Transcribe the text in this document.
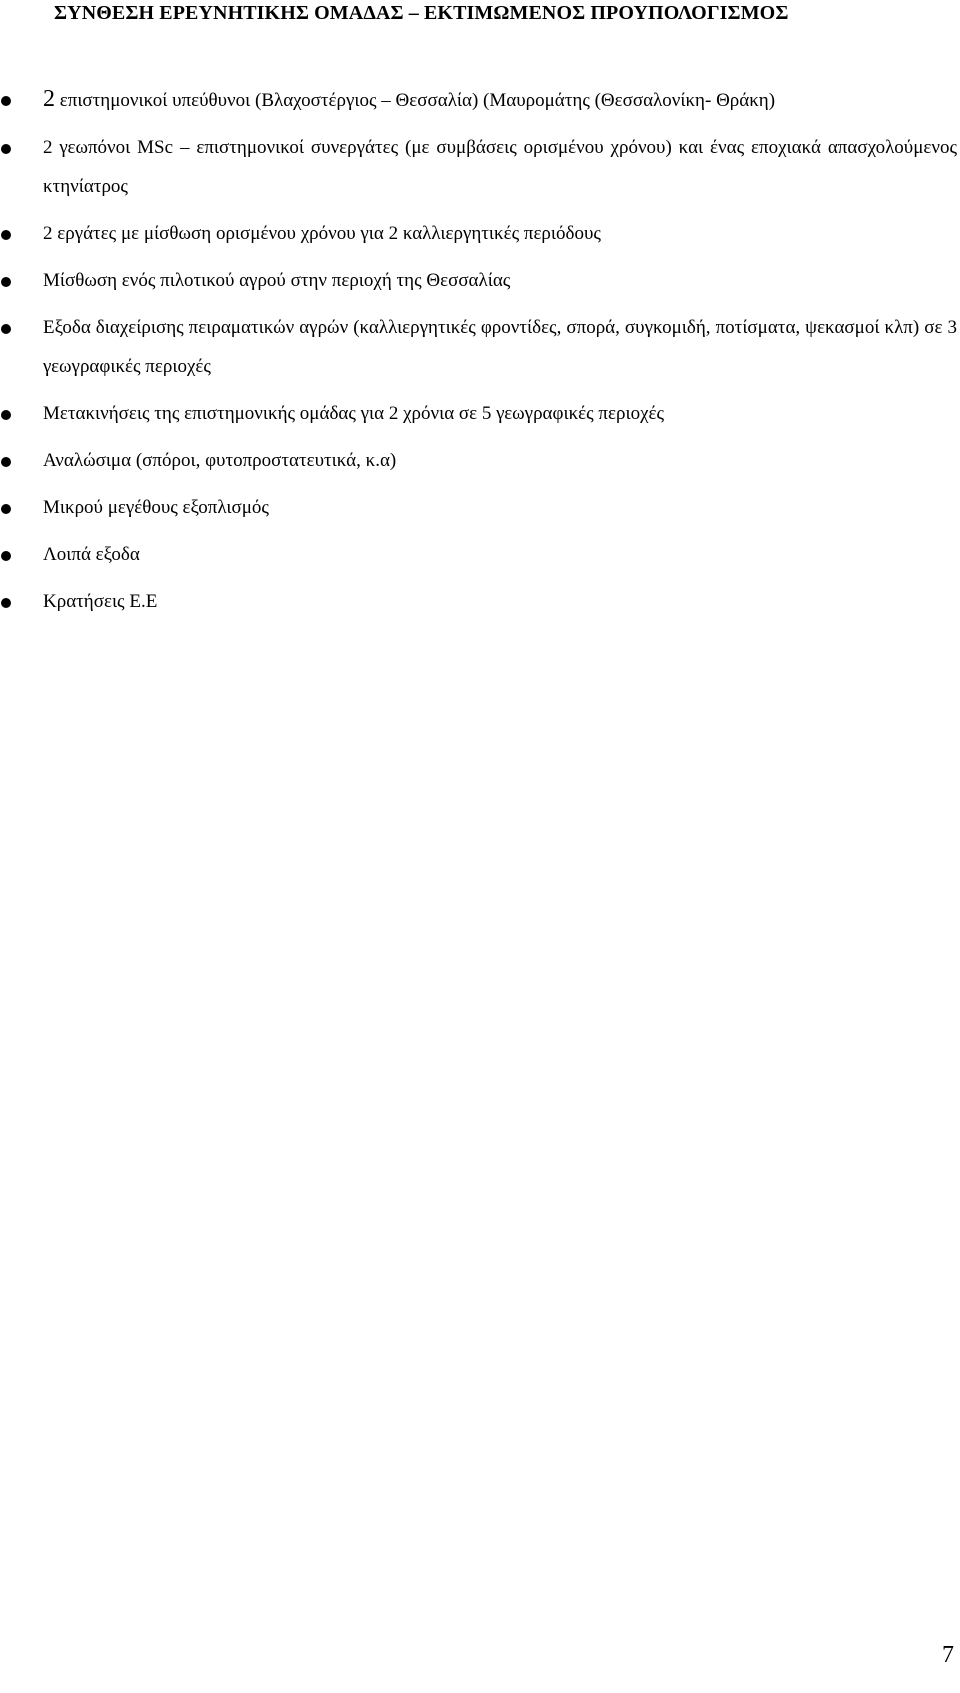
ΣΥΝΘΕΣΗ ΕΡΕΥΝΗΤΙΚΗΣ ΟΜΑΔΑΣ – ΕΚΤΙΜΩΜΕΝΟΣ ΠΡΟΥΠΟΛΟΓΙΣΜΟΣ
2 επιστημονικοί υπεύθυνοι (Βλαχοστέργιος – Θεσσαλία) (Μαυρομάτης (Θεσσαλονίκη- Θράκη)
2 γεωπόνοι MSc – επιστημονικοί συνεργάτες (με συμβάσεις ορισμένου χρόνου) και ένας εποχιακά απασχολούμενος κτηνίατρος
2 εργάτες με μίσθωση ορισμένου χρόνου για 2 καλλιεργητικές περιόδους
Μίσθωση ενός πιλοτικού αγρού στην περιοχή της Θεσσαλίας
Εξοδα διαχείρισης πειραματικών αγρών (καλλιεργητικές φροντίδες, σπορά, συγκομιδή, ποτίσματα, ψεκασμοί κλπ) σε 3 γεωγραφικές περιοχές
Μετακινήσεις της επιστημονικής ομάδας για 2 χρόνια σε 5 γεωγραφικές περιοχές
Αναλώσιμα (σπόροι, φυτοπροστατευτικά, κ.α)
Μικρού μεγέθους εξοπλισμός
Λοιπά εξοδα
Κρατήσεις Ε.Ε
7
